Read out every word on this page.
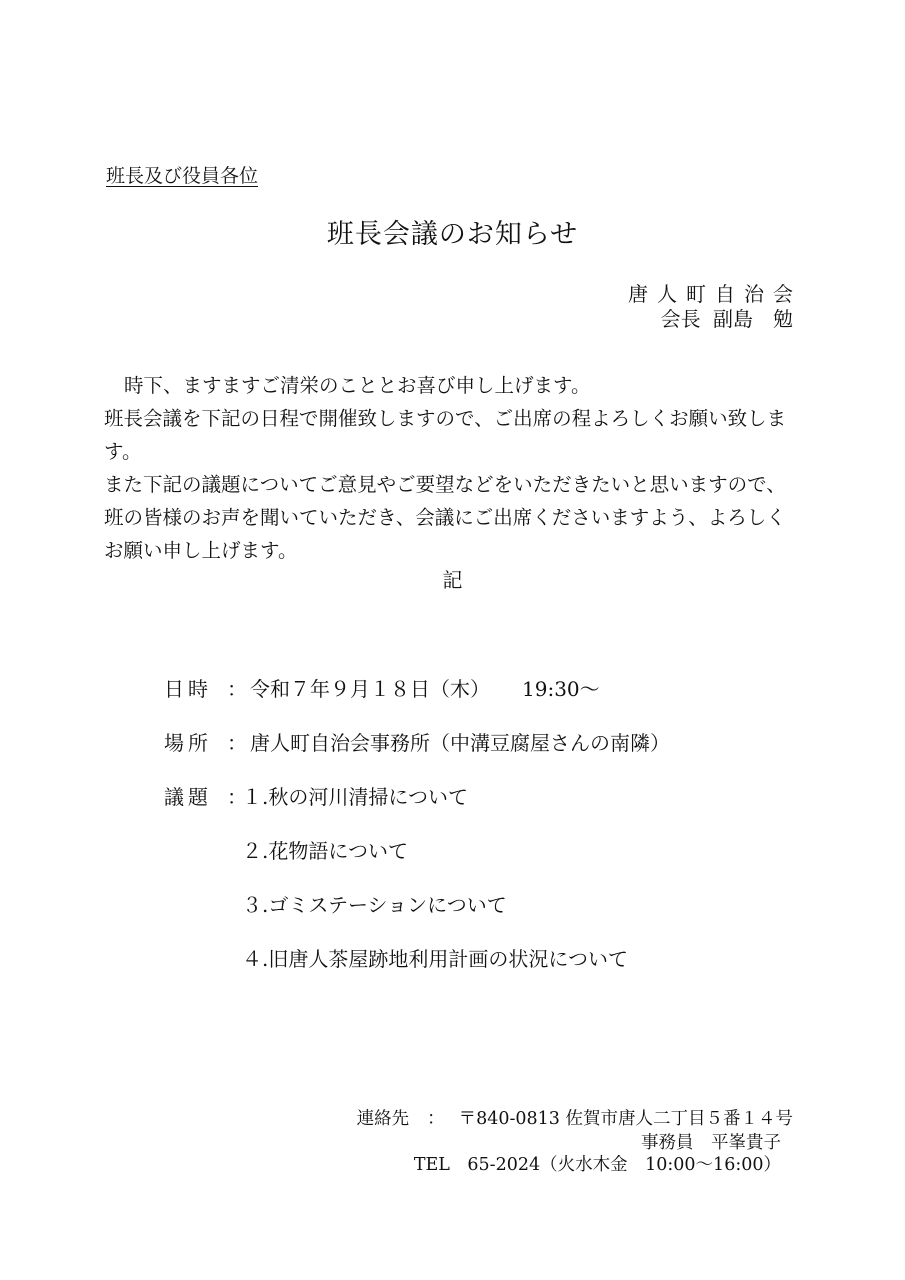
班長及び役員各位
班長会議のお知らせ
唐人町自治会
会長 副島　勉

時下、ますますご清栄のこととお喜び申し上げます。

班長会議を下記の日程で開催致しますので、ご出席の程よろしくお願い致します。

また下記の議題についてご意見やご要望などをいただきたいと思いますので、班の皆様のお声を聞いていただき、会議にご出席くださいますよう、よろしくお願い申し上げます。

記
日時 ： 令和７年９月１８日（木） 19:30～
場所 ： 唐人町自治会事務所（中溝豆腐屋さんの南隣）
議題 ：
１.秋の河川清掃について
２.花物語について
３.ゴミステーションについて
４.旧唐人茶屋跡地利用計画の状況について
連絡先 ： 〒840-0813 佐賀市唐人二丁目５番１４号
事務員　平峯貴子
TEL　65-2024（火水木金　10:00～16:00）
